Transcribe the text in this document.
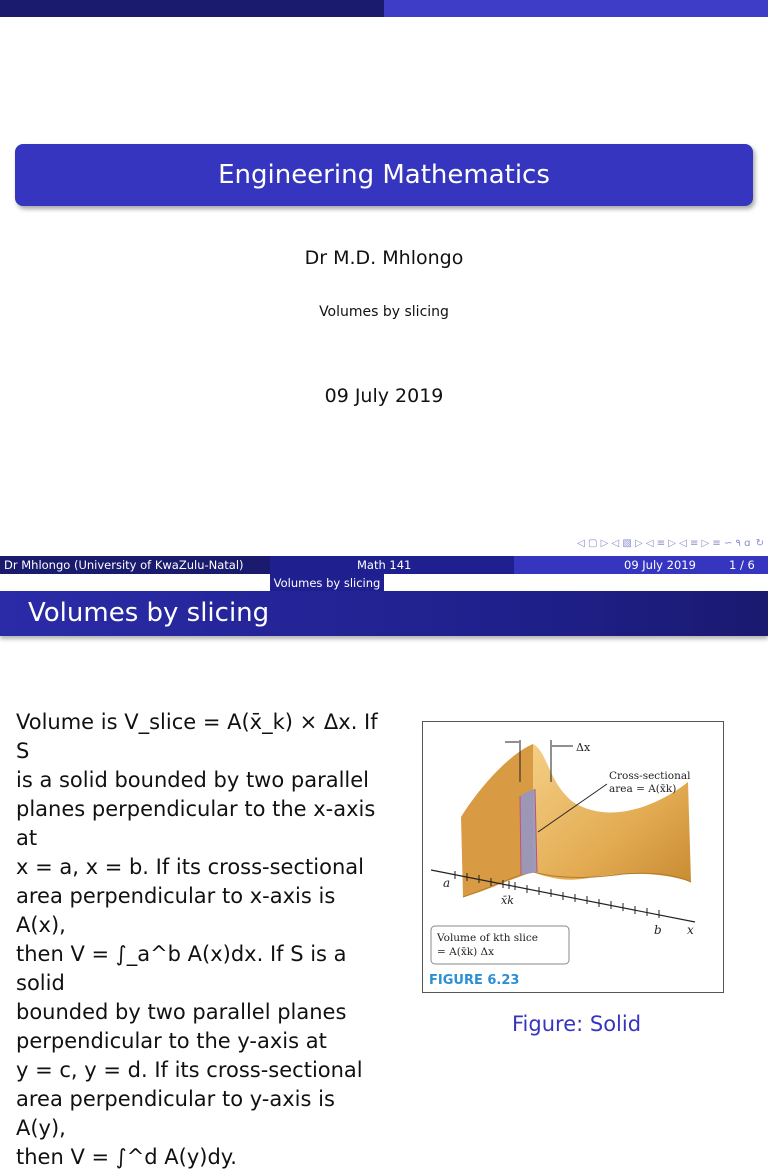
Engineering Mathematics
Dr M.D. Mhlongo
Volumes by slicing
09 July 2019
◁ ▢ ▷ ◁ ▧ ▷ ◁ ≡ ▷ ◁ ≡ ▷ ≡ ∽ ۹ ɑ ↻
Dr Mhlongo (University of KwaZulu-Natal)	Math 141	09 July 2019	1 / 6
Volumes by slicing
Volumes by slicing
Volume is V_slice = A(x̄_k) × Δx. If S
is a solid bounded by two parallel
planes perpendicular to the x-axis at
x = a, x = b. If its cross-sectional
area perpendicular to x-axis is A(x),
then V = ∫_a^b A(x)dx. If S is a solid
bounded by two parallel planes
perpendicular to the y-axis at
y = c, y = d. If its cross-sectional
area perpendicular to y-axis is A(y),
then V = ∫^d A(y)dy.
Δx
Cross-sectional
area = A(x̄k)
a
x̄k
b x
Volume of kth slice
= A(x̄k) Δx
FIGURE 6.23
Figure: Solid
